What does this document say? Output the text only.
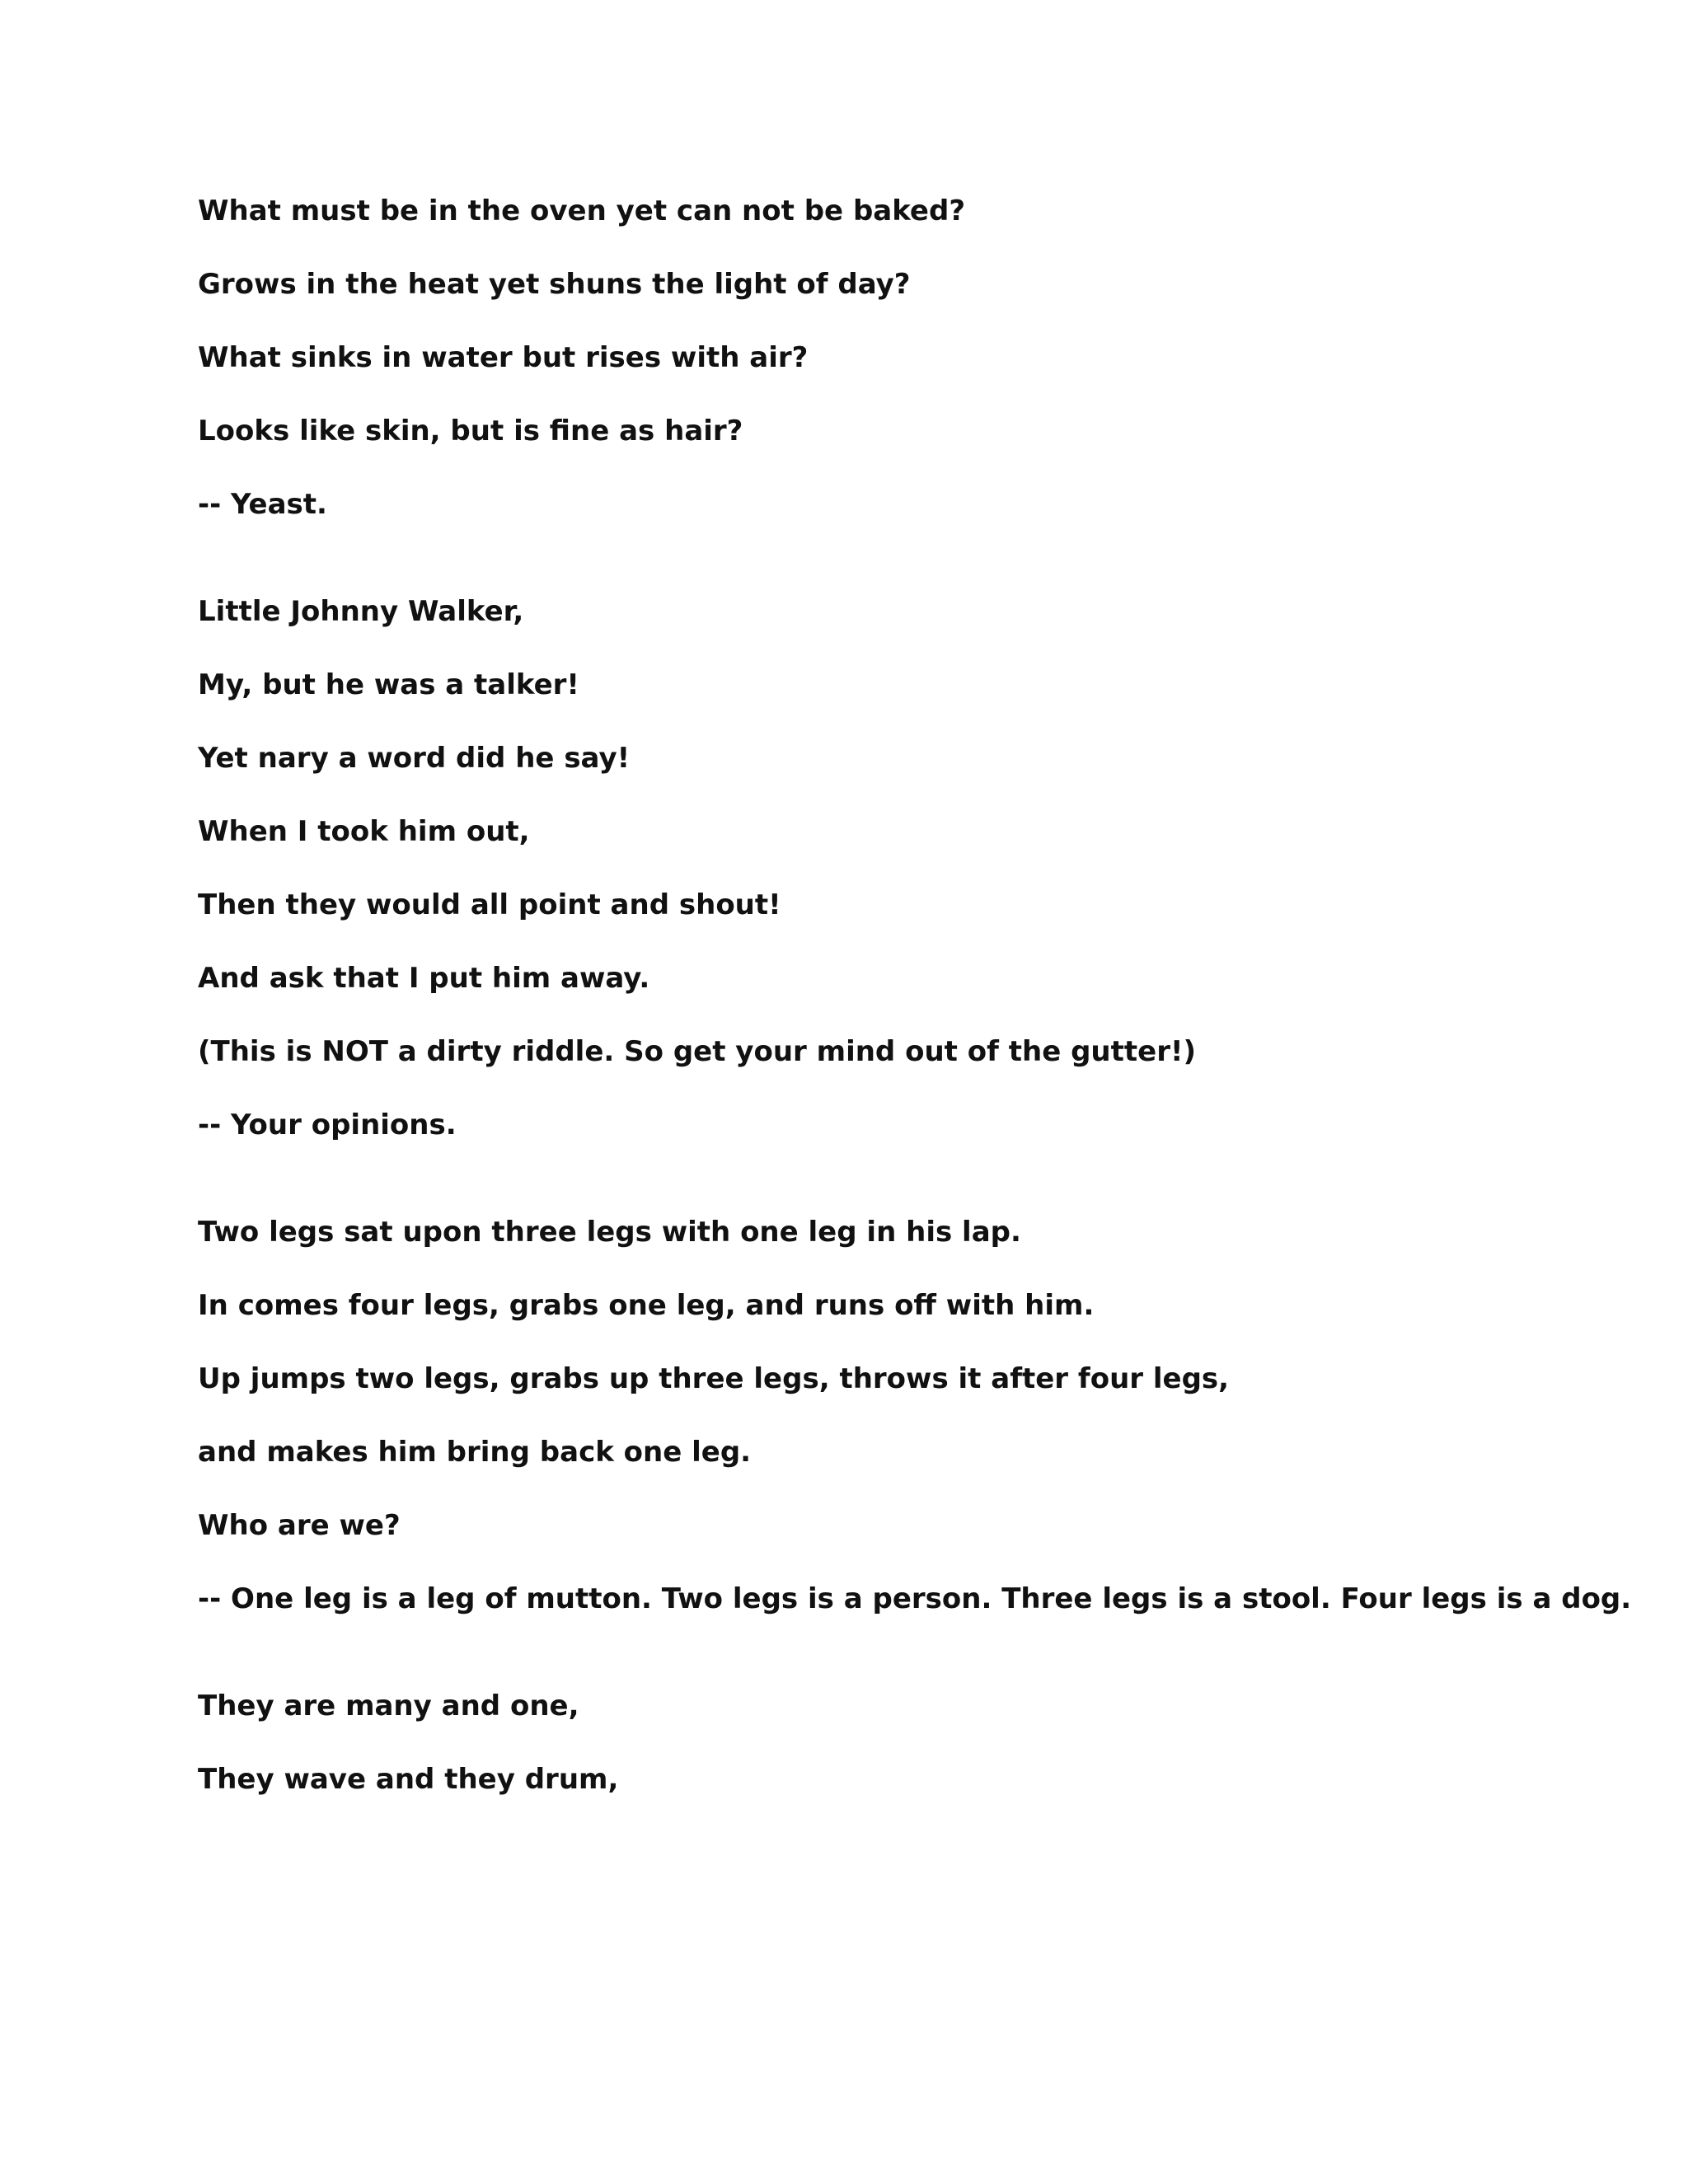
What must be in the oven yet can not be baked?
Grows in the heat yet shuns the light of day?
What sinks in water but rises with air?
Looks like skin, but is fine as hair?
-- Yeast.
Little Johnny Walker,
My, but he was a talker!
Yet nary a word did he say!
When I took him out,
Then they would all point and shout!
And ask that I put him away.
(This is NOT a dirty riddle. So get your mind out of the gutter!)
-- Your opinions.
Two legs sat upon three legs with one leg in his lap.
In comes four legs, grabs one leg, and runs off with him.
Up jumps two legs, grabs up three legs, throws it after four legs,
and makes him bring back one leg.
Who are we?
-- One leg is a leg of mutton. Two legs is a person. Three legs is a stool. Four legs is a dog.
They are many and one,
They wave and they drum,
